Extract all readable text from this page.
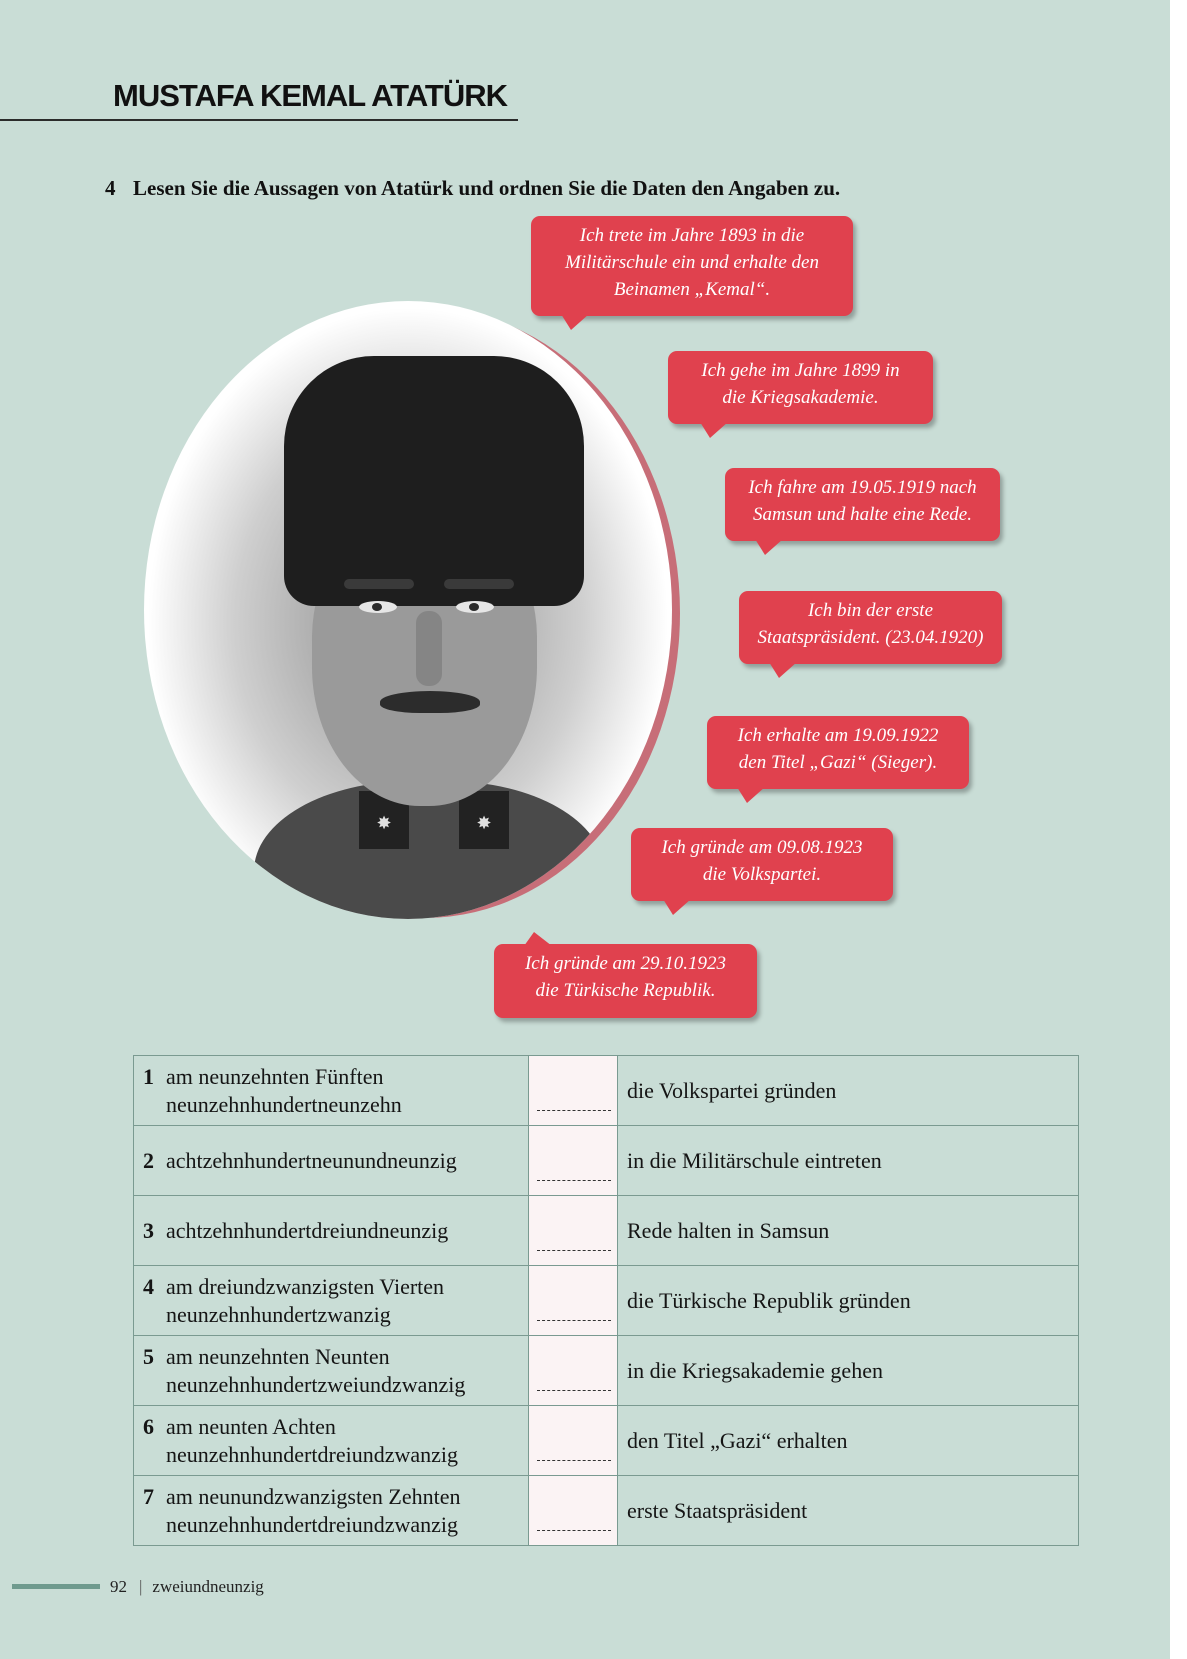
MUSTAFA KEMAL ATATÜRK
4 Lesen Sie die Aussagen von Atatürk und ordnen Sie die Daten den Angaben zu.
✸	✸
Ich trete im Jahre 1893 in die
Militärschule ein und erhalte den
Beinamen „Kemal“.
Ich gehe im Jahre 1899 in
die Kriegsakademie.
Ich fahre am 19.05.1919 nach
Samsun und halte eine Rede.
Ich bin der erste
Staatspräsident. (23.04.1920)
Ich erhalte am 19.09.1922
den Titel „Gazi“ (Sieger).
Ich gründe am 09.08.1923
die Volkspartei.
Ich gründe am 29.10.1923
die Türkische Republik.
1 am neunzehnten Fünften
neunzehnhundertneunzehn		die Volkspartei gründen
2 achtzehnhundertneunundneunzig		in die Militärschule eintreten
3 achtzehnhundertdreiundneunzig		Rede halten in Samsun
4 am dreiundzwanzigsten Vierten
neunzehnhundertzwanzig		die Türkische Republik gründen
5 am neunzehnten Neunten
neunzehnhundertzweiundzwanzig		in die Kriegsakademie gehen
6 am neunten Achten
neunzehnhundertdreiundzwanzig		den Titel „Gazi“ erhalten
7 am neunundzwanzigsten Zehnten
neunzehnhundertdreiundzwanzig		erste Staatspräsident
92 | zweiundneunzig
